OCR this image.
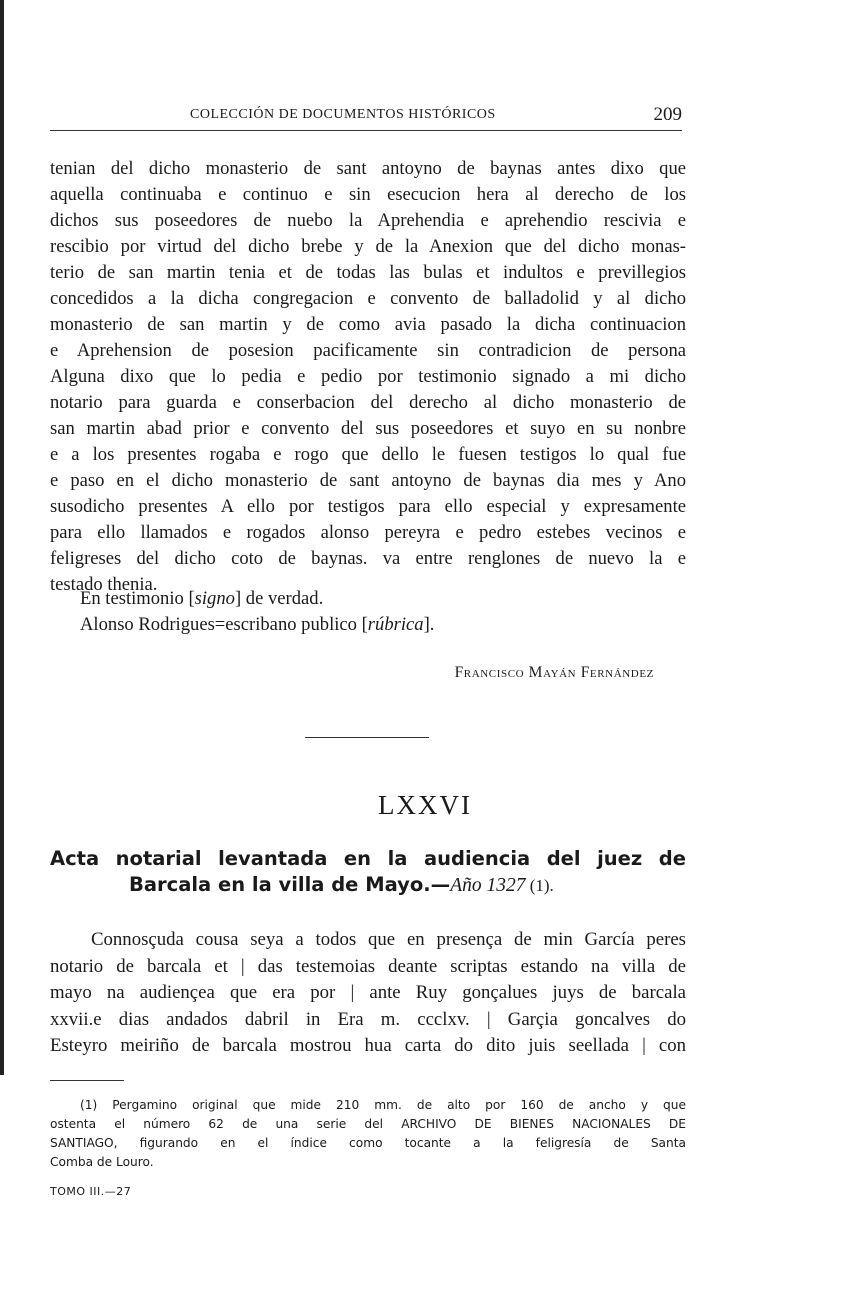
COLECCIÓN DE DOCUMENTOS HISTÓRICOS	209
tenian del dicho monasterio de sant antoyno de baynas antes dixo que
aquella continuaba e continuo e sin esecucion hera al derecho de los
dichos sus poseedores de nuebo la Aprehendia e aprehendio rescivia e
rescibio por virtud del dicho brebe y de la Anexion que del dicho monas-
terio de san martin tenia et de todas las bulas et indultos e previllegios
concedidos a la dicha congregacion e convento de balladolid y al dicho
monasterio de san martin y de como avia pasado la dicha continuacion
e Aprehension de posesion pacificamente sin contradicion de persona
Alguna dixo que lo pedia e pedio por testimonio signado a mi dicho
notario para guarda e conserbacion del derecho al dicho monasterio de
san martin abad prior e convento del sus poseedores et suyo en su nonbre
e a los presentes rogaba e rogo que dello le fuesen testigos lo qual fue
e paso en el dicho monasterio de sant antoyno de baynas dia mes y Ano
susodicho presentes A ello por testigos para ello especial y expresamente
para ello llamados e rogados alonso pereyra e pedro estebes vecinos e
feligreses del dicho coto de baynas. va entre renglones de nuevo la e
testado thenia.
En testimonio [signo] de verdad.
Alonso Rodrigues=escribano publico [rúbrica].
Francisco Mayán Fernández
LXXVI
Acta notarial levantada en la audiencia del juez de
Barcala en la villa de Mayo.—Año 1327 (1).
Connosçuda cousa seya a todos que en presença de min García peres
notario de barcala et | das testemoias deante scriptas estando na villa de
mayo na audiençea que era por | ante Ruy gonçalues juys de barcala
xxvii.e dias andados dabril in Era m. ccclxv. | Garçia goncalves do
Esteyro meiriño de barcala mostrou hua carta do dito juis seellada | con
(1) Pergamino original que mide 210 mm. de alto por 160 de ancho y que
ostenta el número 62 de una serie del ARCHIVO DE BIENES NACIONALES DE
SANTIAGO, figurando en el índice como tocante a la feligresía de Santa
Comba de Louro.
TOMO III.—27
